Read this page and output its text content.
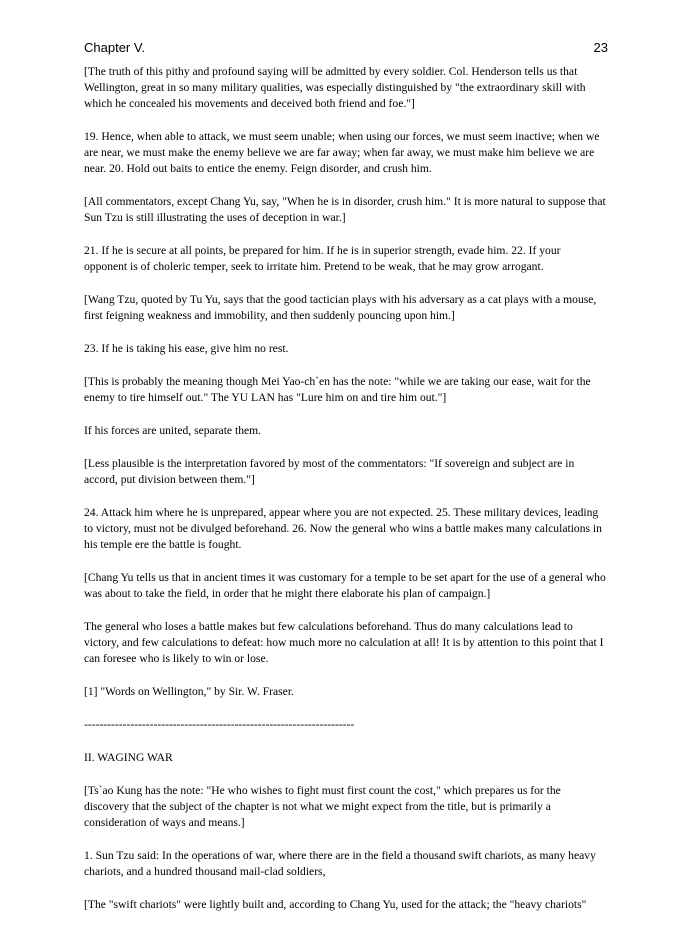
Chapter V.	23

[The truth of this pithy and profound saying will be admitted by every soldier. Col. Henderson tells us that Wellington, great in so many military qualities, was especially distinguished by "the extraordinary skill with which he concealed his movements and deceived both friend and foe."]

19. Hence, when able to attack, we must seem unable; when using our forces, we must seem inactive; when we are near, we must make the enemy believe we are far away; when far away, we must make him believe we are near. 20. Hold out baits to entice the enemy. Feign disorder, and crush him.

[All commentators, except Chang Yu, say, "When he is in disorder, crush him." It is more natural to suppose that Sun Tzu is still illustrating the uses of deception in war.]

21. If he is secure at all points, be prepared for him. If he is in superior strength, evade him. 22. If your opponent is of choleric temper, seek to irritate him. Pretend to be weak, that he may grow arrogant.

[Wang Tzu, quoted by Tu Yu, says that the good tactician plays with his adversary as a cat plays with a mouse, first feigning weakness and immobility, and then suddenly pouncing upon him.]

23. If he is taking his ease, give him no rest.

[This is probably the meaning though Mei Yao-ch`en has the note: "while we are taking our ease, wait for the enemy to tire himself out." The YU LAN has "Lure him on and tire him out."]

If his forces are united, separate them.

[Less plausible is the interpretation favored by most of the commentators: "If sovereign and subject are in accord, put division between them."]

24. Attack him where he is unprepared, appear where you are not expected. 25. These military devices, leading to victory, must not be divulged beforehand. 26. Now the general who wins a battle makes many calculations in his temple ere the battle is fought.

[Chang Yu tells us that in ancient times it was customary for a temple to be set apart for the use of a general who was about to take the field, in order that he might there elaborate his plan of campaign.]

The general who loses a battle makes but few calculations beforehand. Thus do many calculations lead to victory, and few calculations to defeat: how much more no calculation at all! It is by attention to this point that I can foresee who is likely to win or lose.

[1] "Words on Wellington," by Sir. W. Fraser.

----------------------------------------------------------------------

II. WAGING WAR

[Ts`ao Kung has the note: "He who wishes to fight must first count the cost," which prepares us for the discovery that the subject of the chapter is not what we might expect from the title, but is primarily a consideration of ways and means.]

1. Sun Tzu said: In the operations of war, where there are in the field a thousand swift chariots, as many heavy chariots, and a hundred thousand mail-clad soldiers,

[The "swift chariots" were lightly built and, according to Chang Yu, used for the attack; the "heavy chariots"
